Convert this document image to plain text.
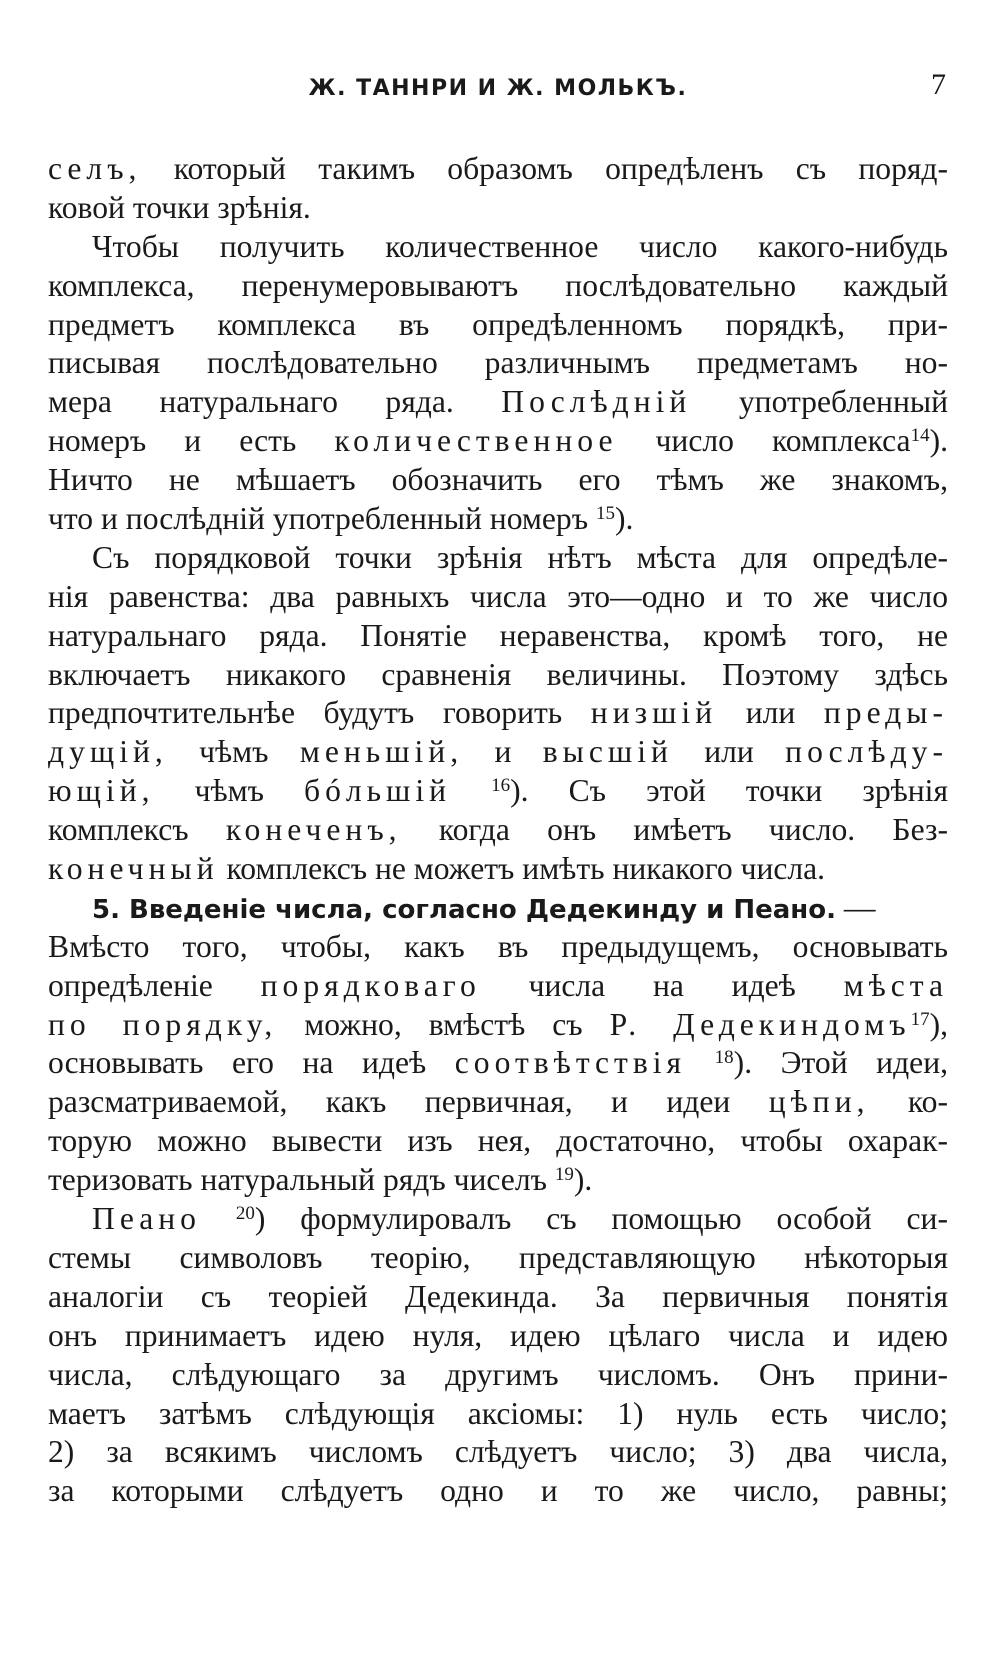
Ж. ТАННРИ И Ж. МОЛЬКЪ.	7
селъ, который такимъ образомъ опредѣленъ съ поряд-
ковой точки зрѣнія.
Чтобы получить количественное число какого-нибудь
комплекса, перенумеровываютъ послѣдовательно каждый
предметъ комплекса въ опредѣленномъ порядкѣ, при-
писывая послѣдовательно различнымъ предметамъ но-
мера натуральнаго ряда. Послѣдній употребленный
номеръ и есть количественное число комплекса$^{14}$).
Ничто не мѣшаетъ обозначить его тѣмъ же знакомъ,
что и послѣдній употребленный номеръ $^{15}$).
Съ порядковой точки зрѣнія нѣтъ мѣста для опредѣле-
нія равенства: два равныхъ числа это—одно и то же число
натуральнаго ряда. Понятіе неравенства, кромѣ того, не
включаетъ никакого сравненія величины. Поэтому здѣсь
предпочтительнѣе будутъ говорить низшій или преды-
дущій, чѣмъ меньшій, и высшій или послѣду-
ющій, чѣмъ бóльшій $^{16}$). Съ этой точки зрѣнія
комплексъ конеченъ, когда онъ имѣетъ число. Без-
конечный комплексъ не можетъ имѣть никакого числа.
5. Введеніе числа, согласно Дедекинду и Пеано. —
Вмѣсто того, чтобы, какъ въ предыдущемъ, основывать
опредѣленіе порядковаго числа на идеѣ мѣста
по порядку, можно, вмѣстѣ съ Р. Дедекиндомъ$^{17}$),
основывать его на идеѣ соотвѣтствія $^{18}$). Этой идеи,
разсматриваемой, какъ первичная, и идеи цѣпи, ко-
торую можно вывести изъ нея, достаточно, чтобы охарак-
теризовать натуральный рядъ чиселъ $^{19}$).
Пеано $^{20}$) формулировалъ съ помощью особой си-
стемы символовъ теорію, представляющую нѣкоторыя
аналогіи съ теоріей Дедекинда. За первичныя понятія
онъ принимаетъ идею нуля, идею цѣлаго числа и идею
числа, слѣдующаго за другимъ числомъ. Онъ прини-
маетъ затѣмъ слѣдующія аксіомы: 1) нуль есть число;
2) за всякимъ числомъ слѣдуетъ число; 3) два числа,
за которыми слѣдуетъ одно и то же число, равны;
